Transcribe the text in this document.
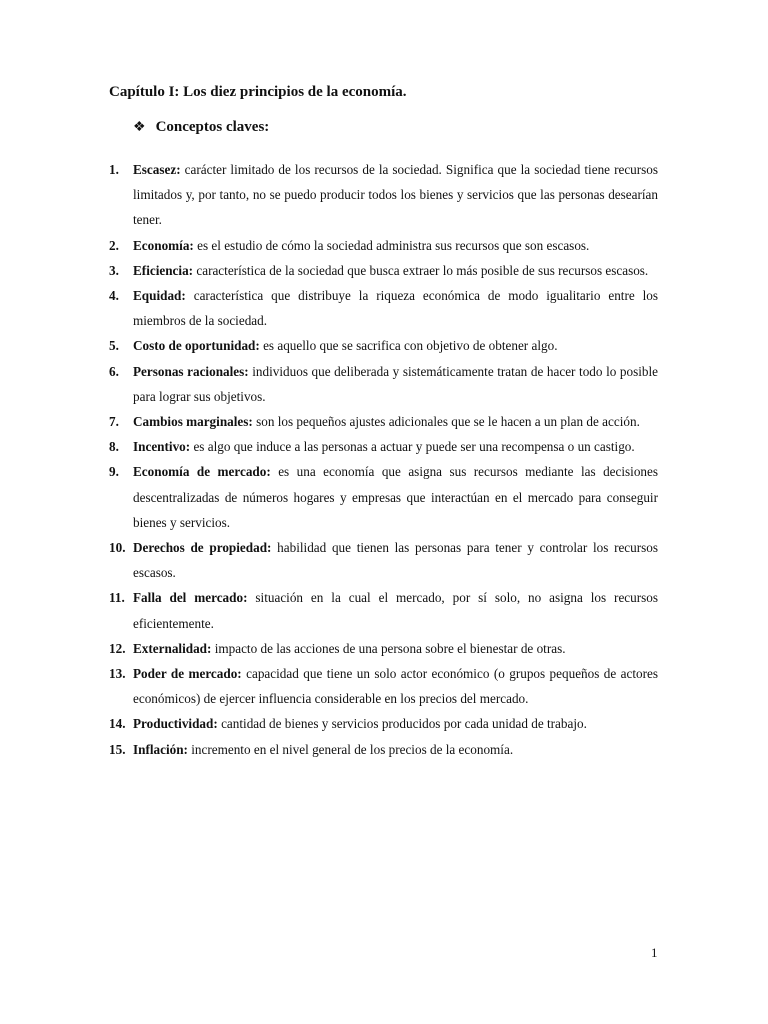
Capítulo I: Los diez principios de la economía.
❖ Conceptos claves:
1. Escasez: carácter limitado de los recursos de la sociedad. Significa que la sociedad tiene recursos limitados y, por tanto, no se puedo producir todos los bienes y servicios que las personas desearían tener.
2. Economía: es el estudio de cómo la sociedad administra sus recursos que son escasos.
3. Eficiencia: característica de la sociedad que busca extraer lo más posible de sus recursos escasos.
4. Equidad: característica que distribuye la riqueza económica de modo igualitario entre los miembros de la sociedad.
5. Costo de oportunidad: es aquello que se sacrifica con objetivo de obtener algo.
6. Personas racionales: individuos que deliberada y sistemáticamente tratan de hacer todo lo posible para lograr sus objetivos.
7. Cambios marginales: son los pequeños ajustes adicionales que se le hacen a un plan de acción.
8. Incentivo: es algo que induce a las personas a actuar y puede ser una recompensa o un castigo.
9. Economía de mercado: es una economía que asigna sus recursos mediante las decisiones descentralizadas de números hogares y empresas que interactúan en el mercado para conseguir bienes y servicios.
10. Derechos de propiedad: habilidad que tienen las personas para tener y controlar los recursos escasos.
11. Falla del mercado: situación en la cual el mercado, por sí solo, no asigna los recursos eficientemente.
12. Externalidad: impacto de las acciones de una persona sobre el bienestar de otras.
13. Poder de mercado: capacidad que tiene un solo actor económico (o grupos pequeños de actores económicos) de ejercer influencia considerable en los precios del mercado.
14. Productividad: cantidad de bienes y servicios producidos por cada unidad de trabajo.
15. Inflación: incremento en el nivel general de los precios de la economía.
1
